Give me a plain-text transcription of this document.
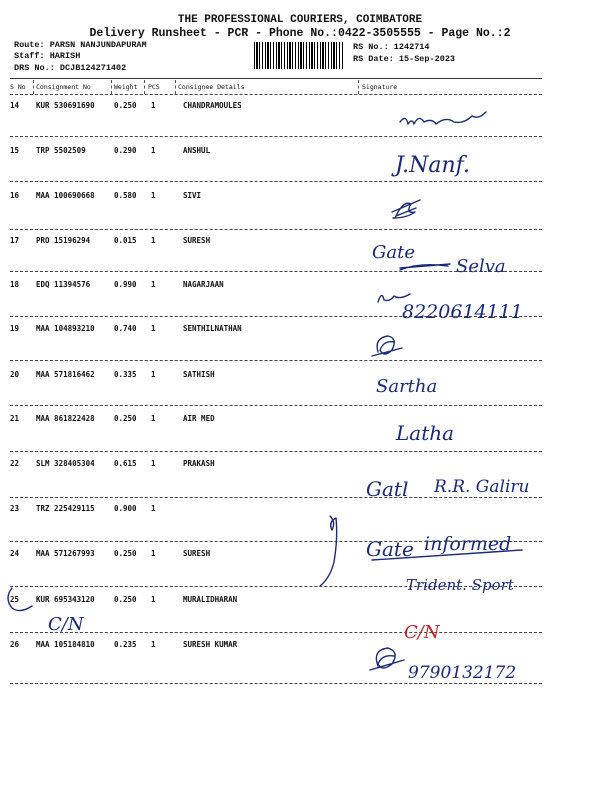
THE PROFESSIONAL COURIERS, COIMBATORE
Delivery Runsheet - PCR - Phone No.:0422-3505555 - Page No.:2
Route: PARSN NANJUNDAPURAM
Staff: HARISH
DRS No.: DCJB124271402
RS No.: 1242714
RS Date: 15-Sep-2023
S No Consignment No	Weight PCS	Consignee Details	Signature
14 KUR 530691690	0.250 1	CHANDRAMOULES
15 TRP 5502509	0.290 1	ANSHUL
16 MAA 100690668	0.580 1	SIVI
17 PRO 15196294	0.015 1	SURESH
18 EDQ 11394576	0.990 1	NAGARJAAN
19 MAA 104893210	0.740 1	SENTHILNATHAN
20 MAA 571816462	0.335 1	SATHISH
21 MAA 861822428	0.250 1	AIR MED
22 SLM 328405304	0.615 1	PRAKASH
23 TRZ 225429115	0.900 1
24 MAA 571267993	0.250 1	SURESH
25 KUR 695343120	0.250 1	MURALIDHARAN
26 MAA 105184810	0.235 1	SURESH KUMAR
J.Nanf.
Gate
Selva
8220614111
Sartha
Latha
Gatl R.R. Galiru
Gate informed
Trident. Sport
C/N	C/N
9790132172
